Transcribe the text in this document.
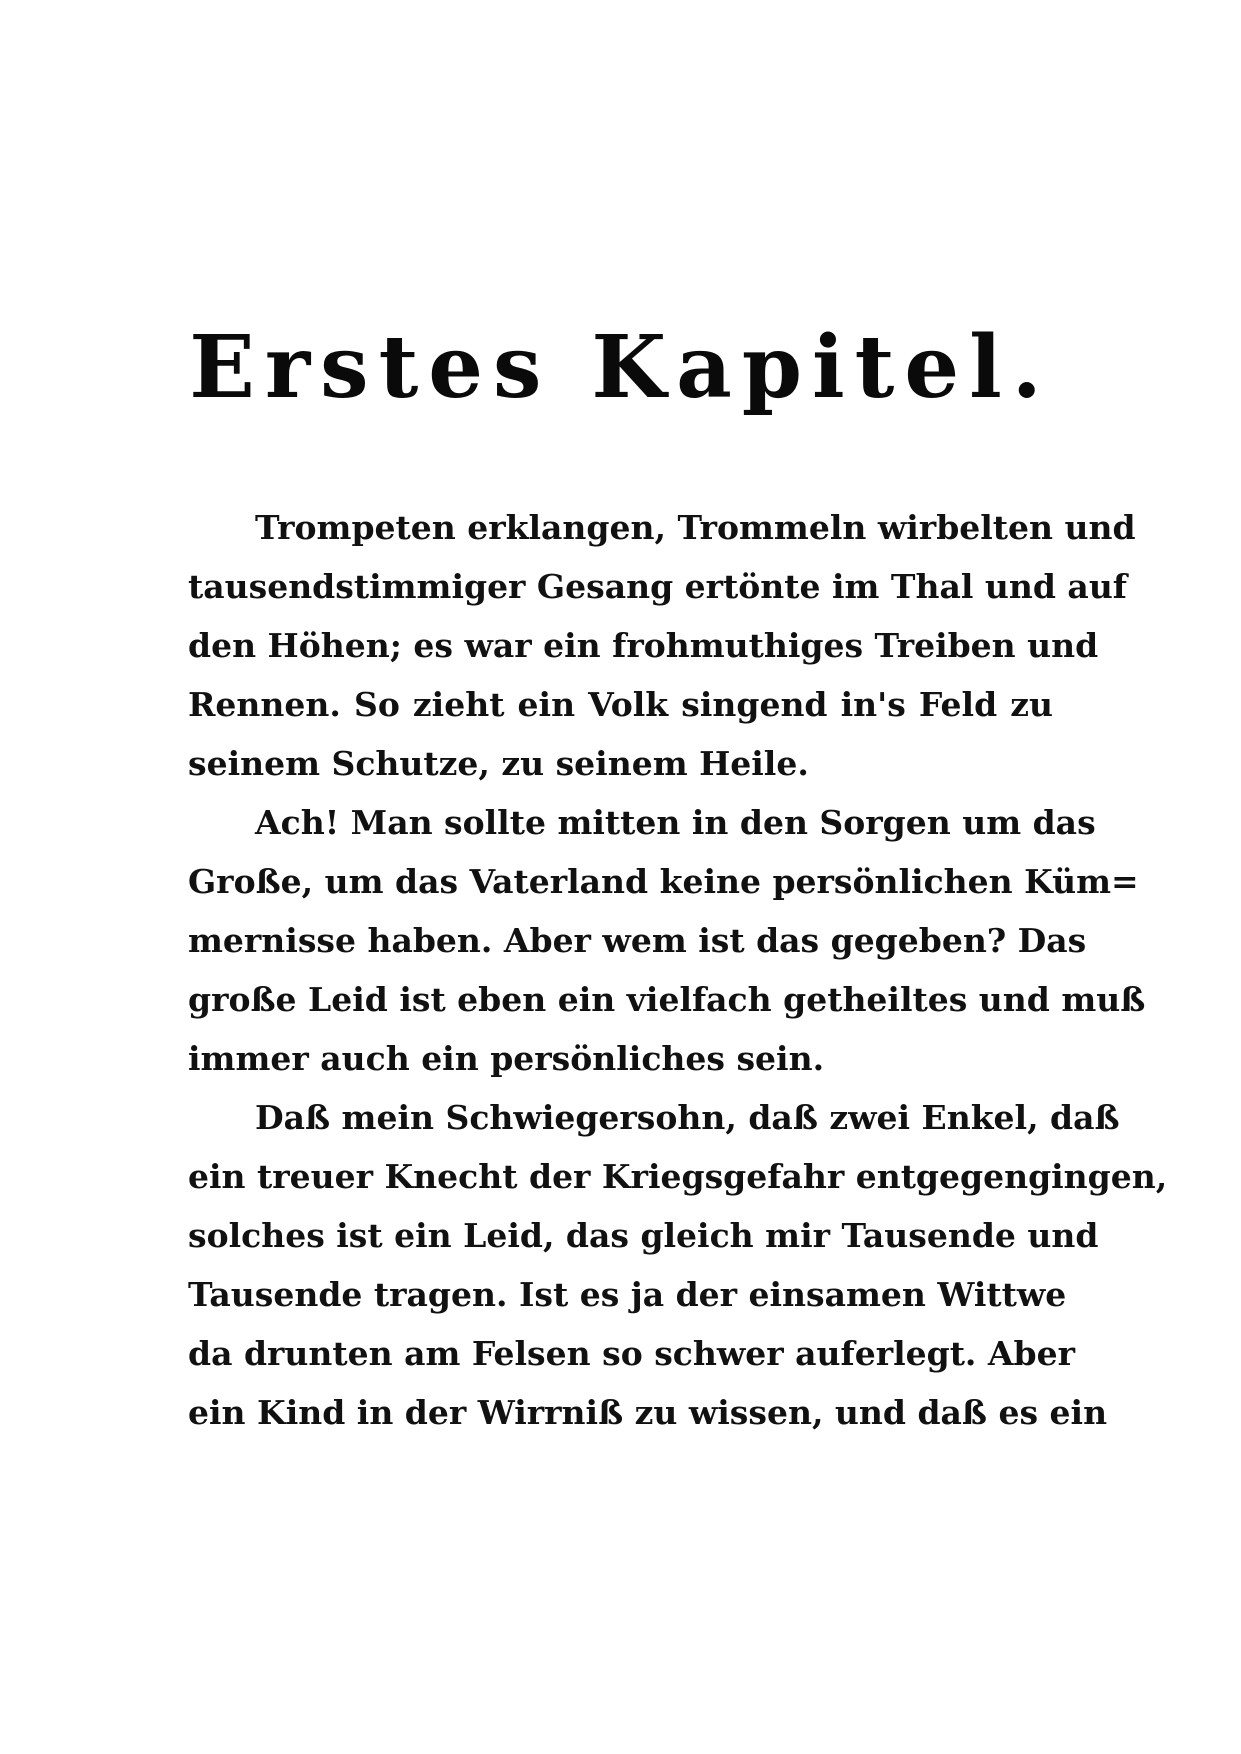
Erstes Kapitel.
Trompeten erklangen, Trommeln wirbelten und
tausendstimmiger Gesang ertönte im Thal und auf
den Höhen; es war ein frohmuthiges Treiben und
Rennen. So zieht ein Volk singend in's Feld zu
seinem Schutze, zu seinem Heile.
Ach! Man sollte mitten in den Sorgen um das
Große, um das Vaterland keine persönlichen Küm=
mernisse haben. Aber wem ist das gegeben? Das
große Leid ist eben ein vielfach getheiltes und muß
immer auch ein persönliches sein.
Daß mein Schwiegersohn, daß zwei Enkel, daß
ein treuer Knecht der Kriegsgefahr entgegengingen,
solches ist ein Leid, das gleich mir Tausende und
Tausende tragen. Ist es ja der einsamen Wittwe
da drunten am Felsen so schwer auferlegt. Aber
ein Kind in der Wirrniß zu wissen, und daß es ein
